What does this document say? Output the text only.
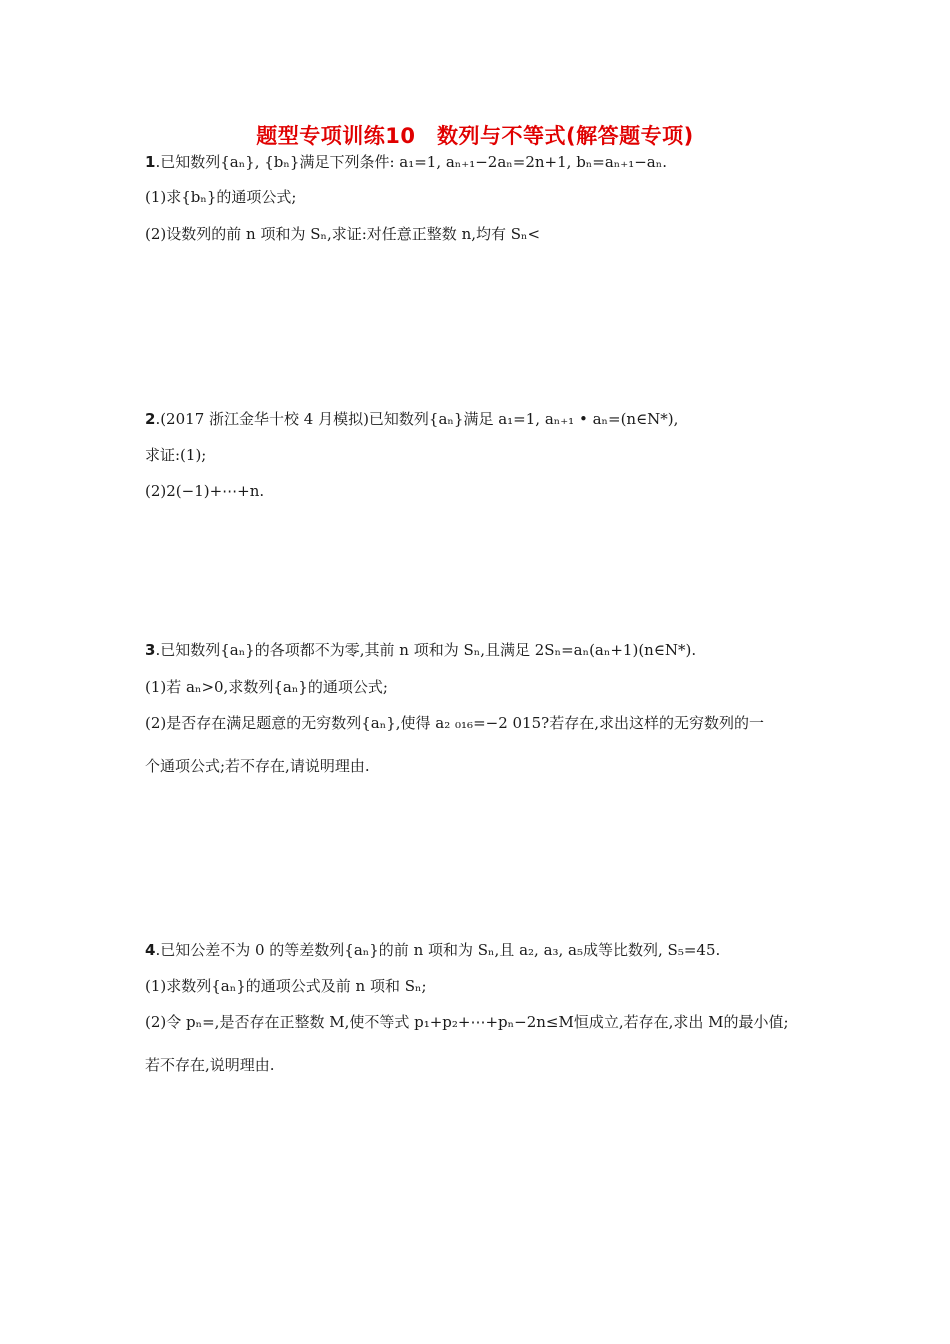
题型专项训练10　数列与不等式(解答题专项)
1.已知数列{aₙ}, {bₙ}满足下列条件: a₁=1, aₙ₊₁−2aₙ=2n+1, bₙ=aₙ₊₁−aₙ.
(1)求{bₙ}的通项公式;
(2)设数列的前 n 项和为 Sₙ,求证:对任意正整数 n,均有 Sₙ<
2.(2017 浙江金华十校 4 月模拟)已知数列{aₙ}满足 a₁=1, aₙ₊₁ • aₙ=(n∈N*),
求证:(1);
(2)2(−1)+⋯+n.
3.已知数列{aₙ}的各项都不为零,其前 n 项和为 Sₙ,且满足 2Sₙ=aₙ(aₙ+1)(n∈N*).
(1)若 aₙ>0,求数列{aₙ}的通项公式;
(2)是否存在满足题意的无穷数列{aₙ},使得 a₂ ₀₁₆=−2 015?若存在,求出这样的无穷数列的一
个通项公式;若不存在,请说明理由.
4.已知公差不为 0 的等差数列{aₙ}的前 n 项和为 Sₙ,且 a₂, a₃, a₅成等比数列, S₅=45.
(1)求数列{aₙ}的通项公式及前 n 项和 Sₙ;
(2)令 pₙ=,是否存在正整数 M,使不等式 p₁+p₂+⋯+pₙ−2n≤M恒成立,若存在,求出 M的最小值;
若不存在,说明理由.
